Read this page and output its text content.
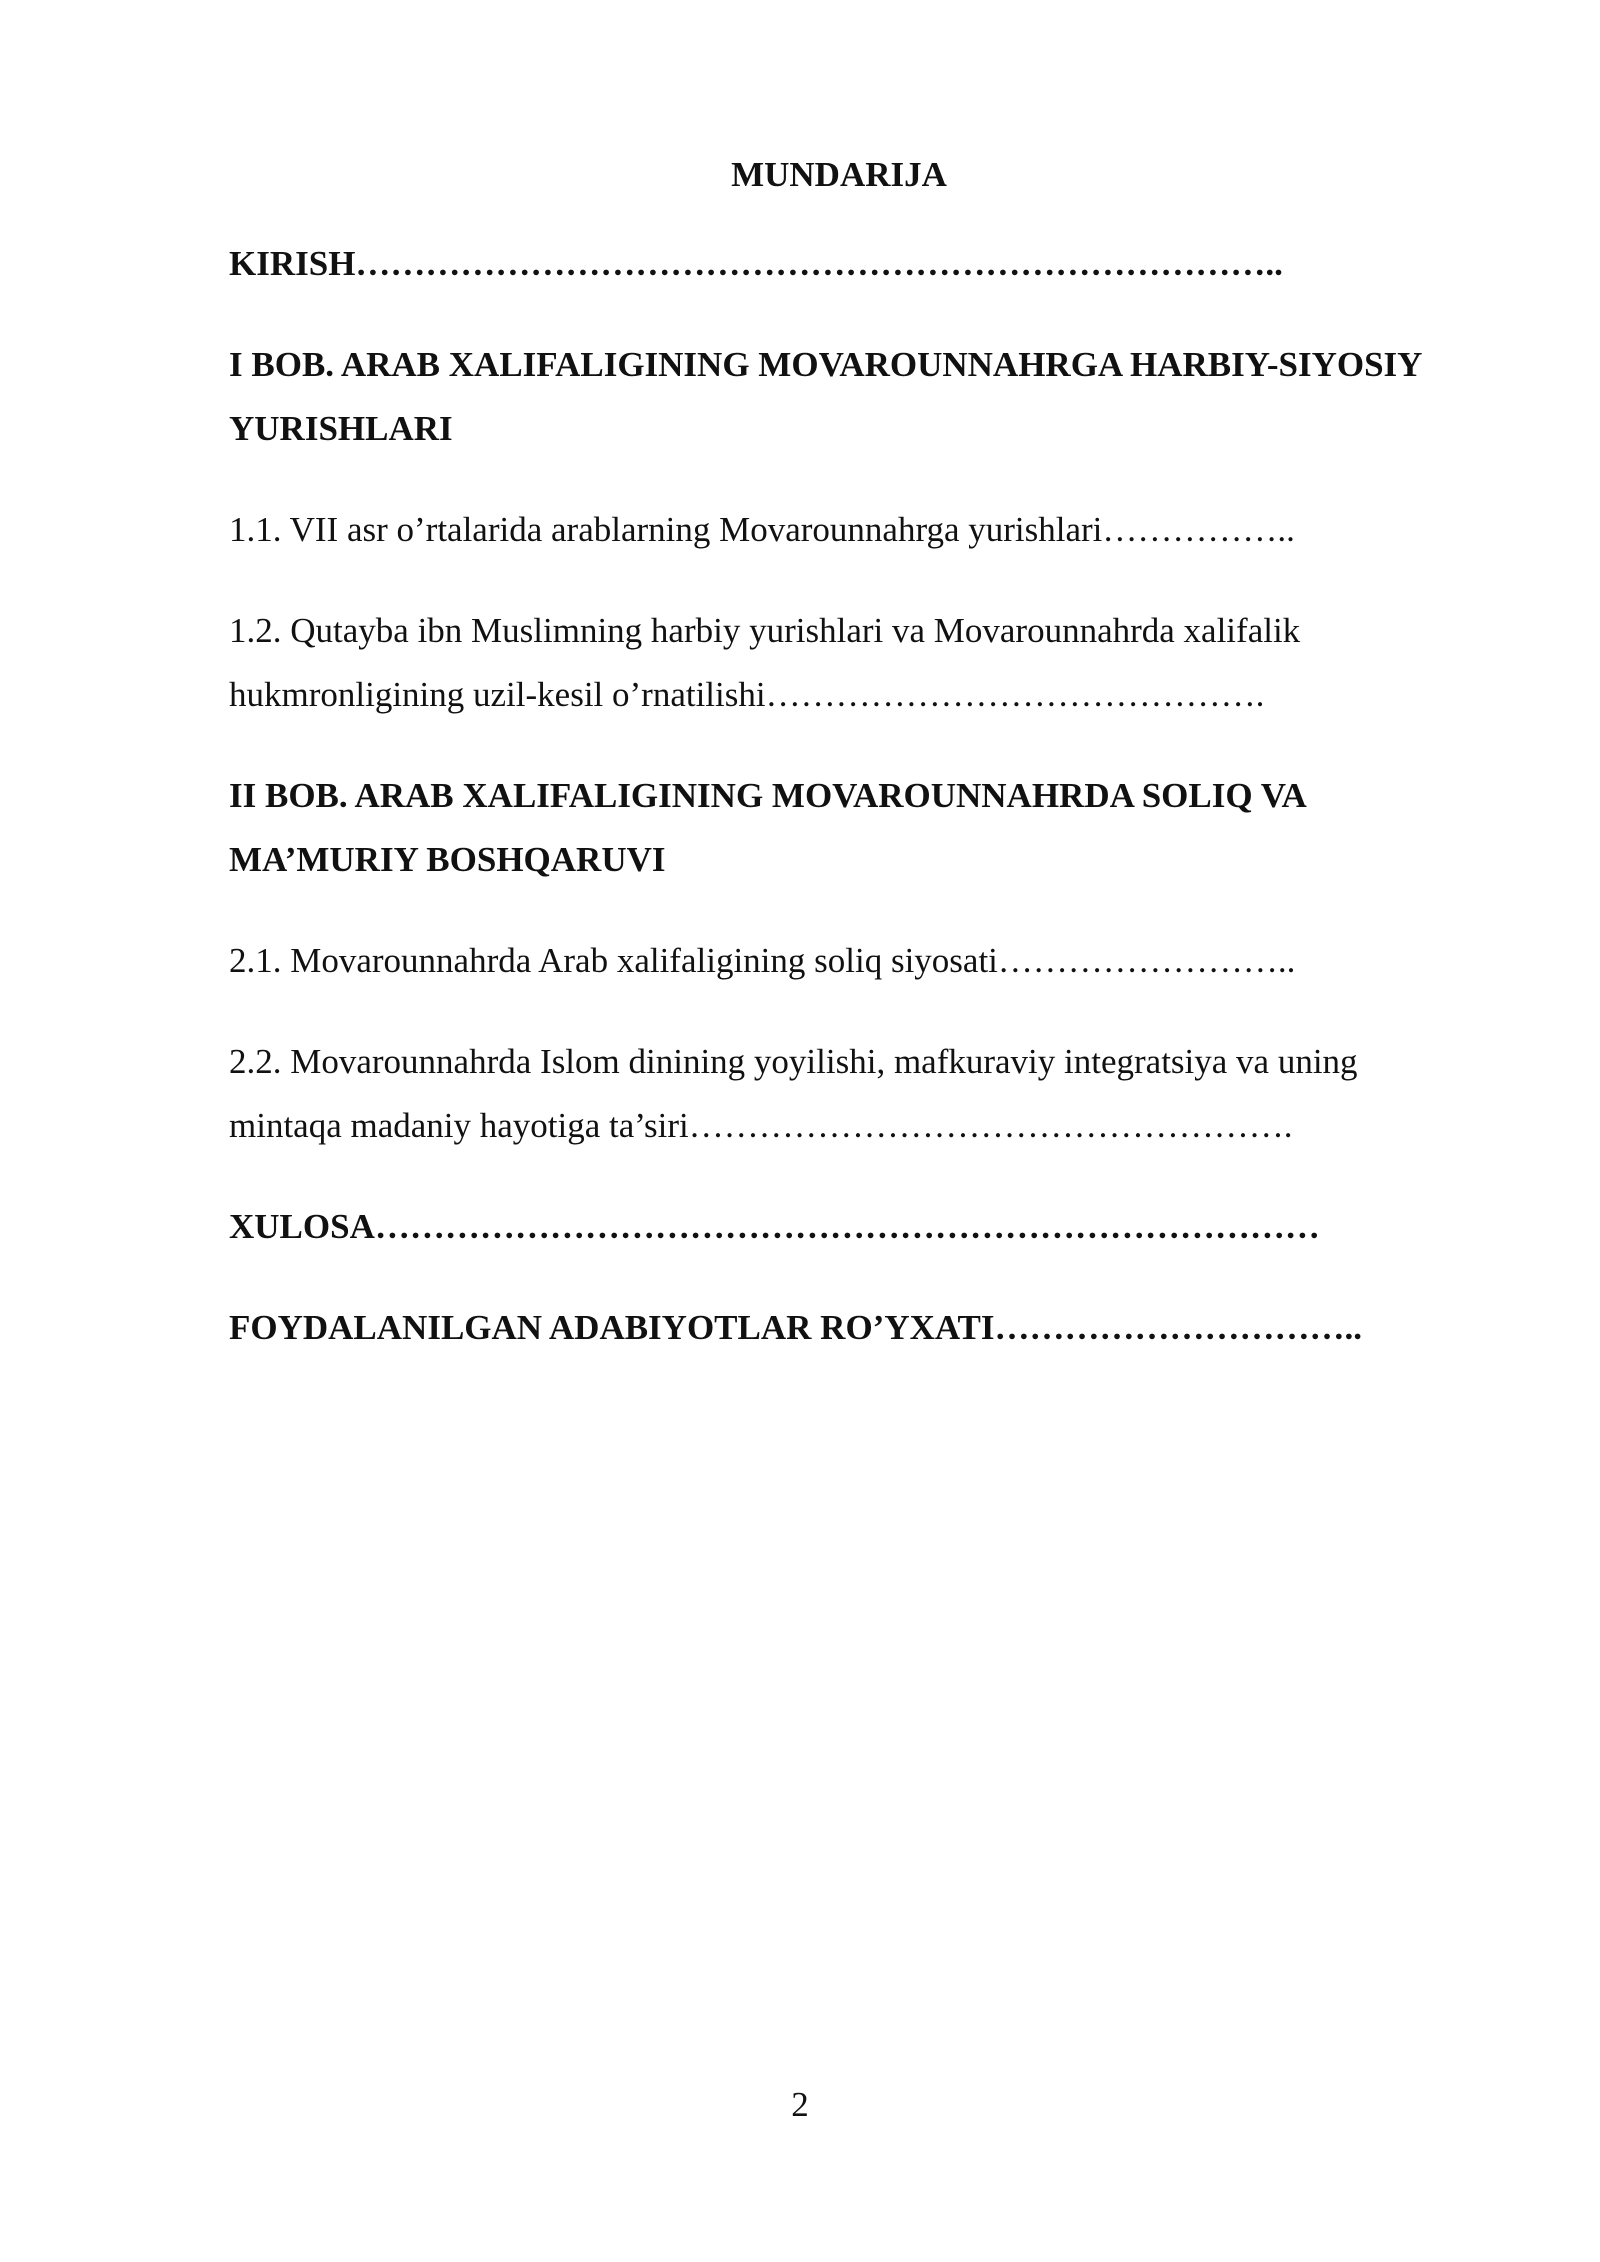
MUNDARIJA
KIRISH……………………………………………………………………..
I BOB. ARAB XALIFALIGINING MOVAROUNNAHRGA HARBIY-SIYOSIY YURISHLARI
1.1. VII asr o’rtalarida arablarning Movarounnahrga yurishlari……………..
1.2. Qutayba ibn Muslimning harbiy yurishlari va Movarounnahrda xalifalik hukmronligining uzil-kesil o’rnatilishi…………………………………….
II BOB. ARAB XALIFALIGINING MOVAROUNNAHRDA SOLIQ VA MA’MURIY BOSHQARUVI
2.1. Movarounnahrda Arab xalifaligining soliq siyosati……………………..
2.2. Movarounnahrda Islom dinining yoyilishi, mafkuraviy integratsiya va uning mintaqa madaniy hayotiga ta’siri…………………………………………….
XULOSA………………………………………………………………………
FOYDALANILGAN ADABIYOTLAR RO’YXATI…………………………..
2
